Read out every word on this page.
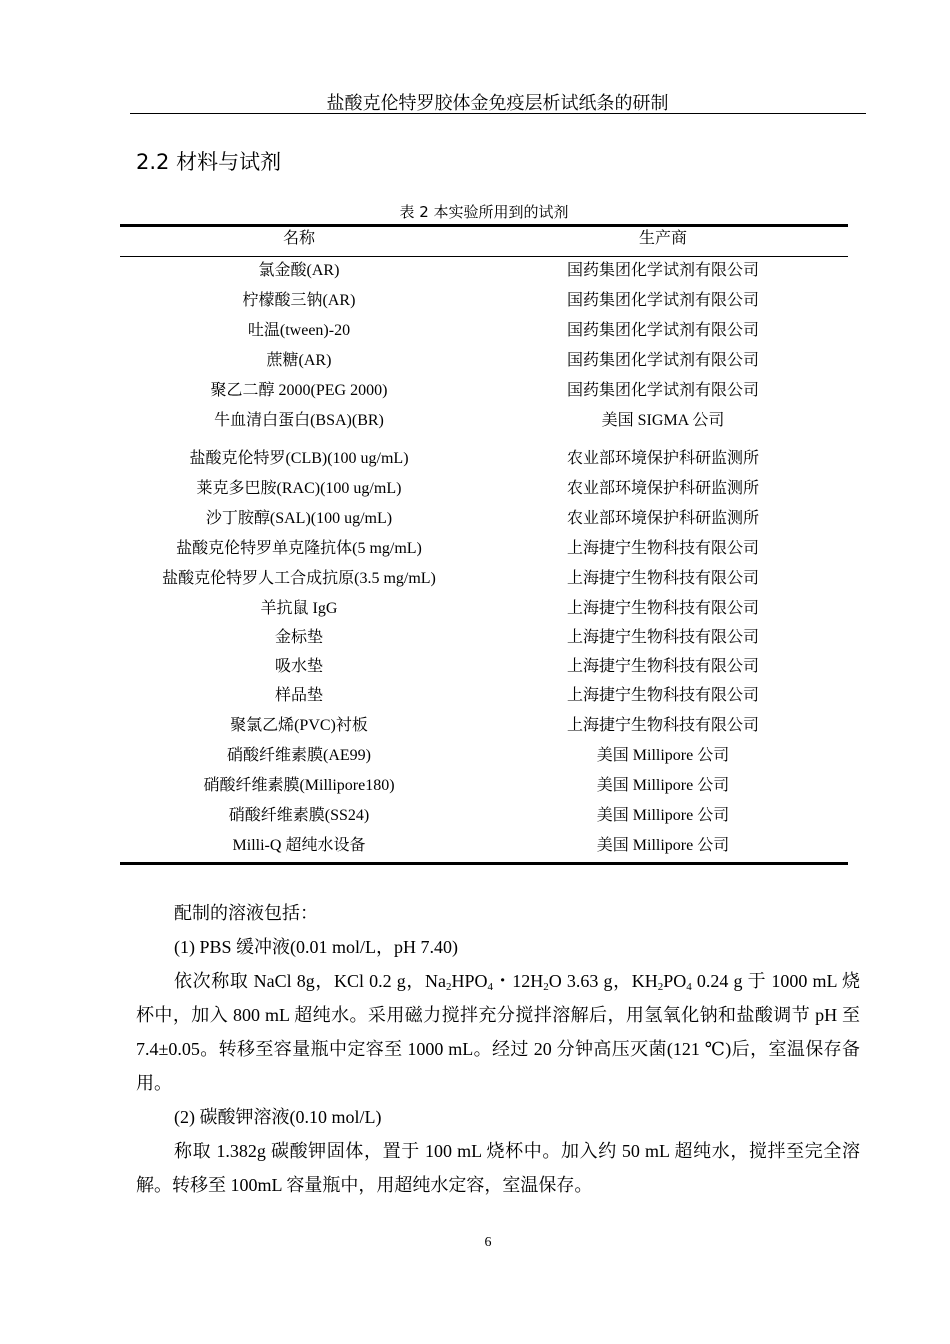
盐酸克伦特罗胶体金免疫层析试纸条的研制
2.2 材料与试剂
表 2 本实验所用到的试剂
名称	生产商
氯金酸(AR)	国药集团化学试剂有限公司
柠檬酸三钠(AR)	国药集团化学试剂有限公司
吐温(tween)-20	国药集团化学试剂有限公司
蔗糖(AR)	国药集团化学试剂有限公司
聚乙二醇 2000(PEG 2000)	国药集团化学试剂有限公司
牛血清白蛋白(BSA)(BR)	美国 SIGMA 公司
盐酸克伦特罗(CLB)(100 ug/mL)	农业部环境保护科研监测所
莱克多巴胺(RAC)(100 ug/mL)	农业部环境保护科研监测所
沙丁胺醇(SAL)(100 ug/mL)	农业部环境保护科研监测所
盐酸克伦特罗单克隆抗体(5 mg/mL)	上海捷宁生物科技有限公司
盐酸克伦特罗人工合成抗原(3.5 mg/mL)	上海捷宁生物科技有限公司
羊抗鼠 IgG	上海捷宁生物科技有限公司
金标垫	上海捷宁生物科技有限公司
吸水垫	上海捷宁生物科技有限公司
样品垫	上海捷宁生物科技有限公司
聚氯乙烯(PVC)衬板	上海捷宁生物科技有限公司
硝酸纤维素膜(AE99)	美国 Millipore 公司
硝酸纤维素膜(Millipore180)	美国 Millipore 公司
硝酸纤维素膜(SS24)	美国 Millipore 公司
Milli-Q 超纯水设备	美国 Millipore 公司

配制的溶液包括：

(1) PBS 缓冲液(0.01 mol/L，pH 7.40)

依次称取 NaCl 8g，KCl 0.2 g，$Na_2HPO_4$・$12H_2O$ 3.63 g，$KH_2PO_4$ 0.24 g 于 1000 mL 烧杯中，加入 800 mL 超纯水。采用磁力搅拌充分搅拌溶解后，用氢氧化钠和盐酸调节 pH 至 7.4±0.05。转移至容量瓶中定容至 1000 mL。经过 20 分钟高压灭菌(121 ℃)后，室温保存备用。

(2) 碳酸钾溶液(0.10 mol/L)

称取 1.382g 碳酸钾固体，置于 100 mL 烧杯中。加入约 50 mL 超纯水，搅拌至完全溶解。转移至 100mL 容量瓶中，用超纯水定容，室温保存。

6
